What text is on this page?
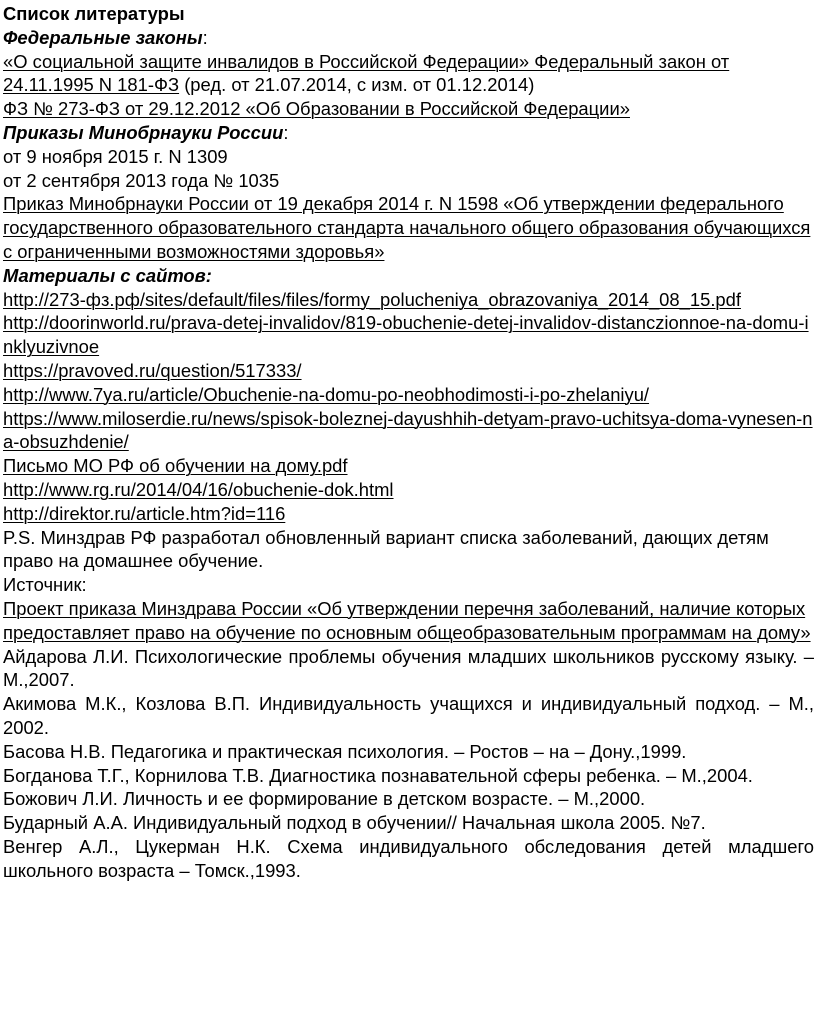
Список литературы
Федеральные законы:
«О социальной защите инвалидов в Российской Федерации» Федеральный закон от 24.11.1995 N 181-ФЗ (ред. от 21.07.2014, с изм. от 01.12.2014)
ФЗ № 273-ФЗ от 29.12.2012 «Об Образовании в Российской Федерации»
Приказы Минобрнауки России:
от 9 ноября 2015 г. N 1309
от 2 сентября 2013 года № 1035
Приказ Минобрнауки России от 19 декабря 2014 г. N 1598 «Об утверждении федерального государственного образовательного стандарта начального общего образования обучающихся с ограниченными возможностями здоровья»
Материалы с сайтов:
http://273-фз.рф/sites/default/files/files/formy_polucheniya_obrazovaniya_2014_08_15.pdf
http://doorinworld.ru/prava-detej-invalidov/819-obuchenie-detej-invalidov-distanczionnoe-na-domu-inklyuzivnoe
https://pravoved.ru/question/517333/
http://www.7ya.ru/article/Obuchenie-na-domu-po-neobhodimosti-i-po-zhelaniyu/
https://www.miloserdie.ru/news/spisok-boleznej-dayushhih-detyam-pravo-uchitsya-doma-vynesen-na-obsuzhdenie/
Письмо МО РФ об обучении на дому.pdf
http://www.rg.ru/2014/04/16/obuchenie-dok.html
http://direktor.ru/article.htm?id=116
P.S. Минздрав РФ разработал обновленный вариант списка заболеваний, дающих детям право на домашнее обучение.
Источник:
Проект приказа Минздрава России «Об утверждении перечня заболеваний, наличие которых предоставляет право на обучение по основным общеобразовательным программам на дому»
Айдарова Л.И. Психологические проблемы обучения младших школьников русскому языку. – М.,2007.
Акимова М.К., Козлова В.П. Индивидуальность учащихся и индивидуальный подход. – М., 2002.
Басова Н.В. Педагогика и практическая психология. – Ростов – на – Дону.,1999.
Богданова Т.Г., Корнилова Т.В. Диагностика познавательной сферы ребенка. – М.,2004.
Божович Л.И. Личность и ее формирование в детском возрасте. – М.,2000.
Бударный А.А. Индивидуальный подход в обучении// Начальная школа 2005. №7.
Венгер А.Л., Цукерман Н.К. Схема индивидуального обследования детей младшего школьного возраста – Томск.,1993.
